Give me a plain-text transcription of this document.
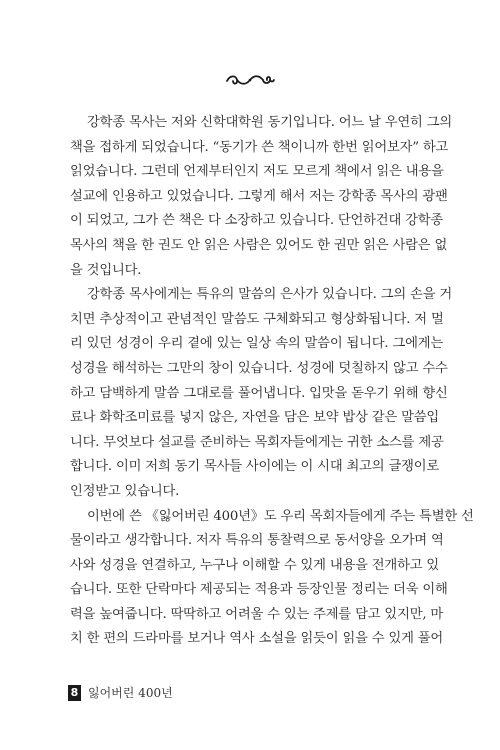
강학종 목사는 저와 신학대학원 동기입니다. 어느 날 우연히 그의

책을 접하게 되었습니다. “동기가 쓴 책이니까 한번 읽어보자” 하고

읽었습니다. 그런데 언제부터인지 저도 모르게 책에서 읽은 내용을

설교에 인용하고 있었습니다. 그렇게 해서 저는 강학종 목사의 광팬

이 되었고, 그가 쓴 책은 다 소장하고 있습니다. 단언하건대 강학종

목사의 책을 한 권도 안 읽은 사람은 있어도 한 권만 읽은 사람은 없

을 것입니다.

강학종 목사에게는 특유의 말씀의 은사가 있습니다. 그의 손을 거

치면 추상적이고 관념적인 말씀도 구체화되고 형상화됩니다. 저 멀

리 있던 성경이 우리 곁에 있는 일상 속의 말씀이 됩니다. 그에게는

성경을 해석하는 그만의 창이 있습니다. 성경에 덧칠하지 않고 수수

하고 담백하게 말씀 그대로를 풀어냅니다. 입맛을 돋우기 위해 향신

료나 화학조미료를 넣지 않은, 자연을 담은 보약 밥상 같은 말씀입

니다. 무엇보다 설교를 준비하는 목회자들에게는 귀한 소스를 제공

합니다. 이미 저희 동기 목사들 사이에는 이 시대 최고의 글쟁이로

인정받고 있습니다.

이번에 쓴 《잃어버린 400년》도 우리 목회자들에게 주는 특별한 선

물이라고 생각합니다. 저자 특유의 통찰력으로 동서양을 오가며 역

사와 성경을 연결하고, 누구나 이해할 수 있게 내용을 전개하고 있

습니다. 또한 단락마다 제공되는 적용과 등장인물 정리는 더욱 이해

력을 높여줍니다. 딱딱하고 어려울 수 있는 주제를 담고 있지만, 마

치 한 편의 드라마를 보거나 역사 소설을 읽듯이 읽을 수 있게 풀어

8 잃어버린 400년
